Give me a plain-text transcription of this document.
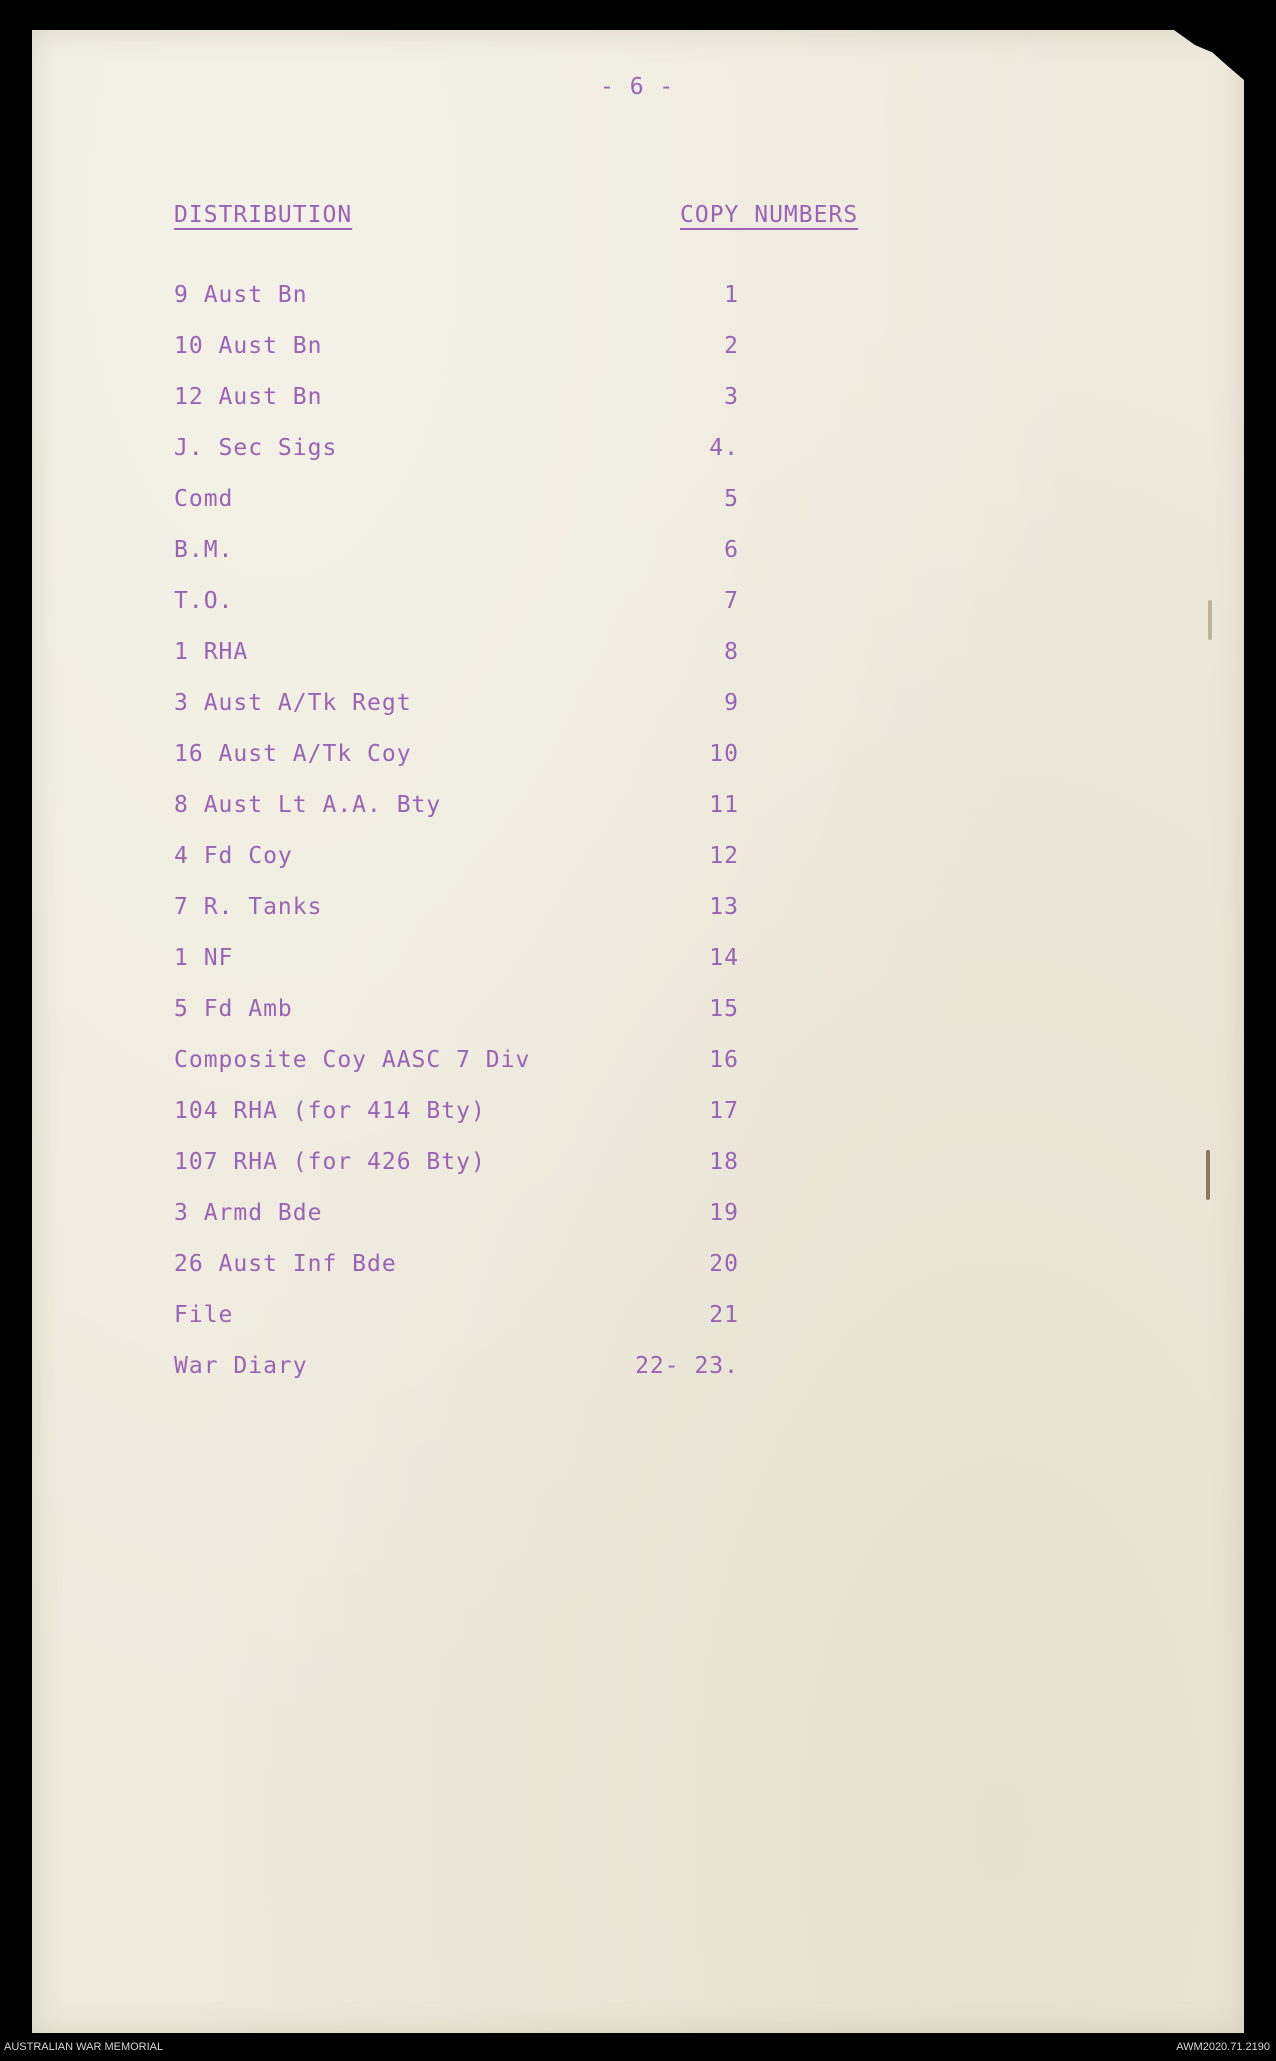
- 6 -
DISTRIBUTION	COPY NUMBERS
9 Aust Bn	1
10 Aust Bn	2
12 Aust Bn	3
J. Sec Sigs	4.
Comd	5
B.M.	6
T.O.	7
1 RHA	8
3 Aust A/Tk Regt	9
16 Aust A/Tk Coy	10
8 Aust Lt A.A. Bty	11
4 Fd Coy	12
7 R. Tanks	13
1 NF	14
5 Fd Amb	15
Composite Coy AASC 7 Div	16
104 RHA (for 414 Bty)	17
107 RHA (for 426 Bty)	18
3 Armd Bde	19
26 Aust Inf Bde	20
File	21
War Diary	22- 23.
AUSTRALIAN WAR MEMORIAL	AWM2020.71.2190
